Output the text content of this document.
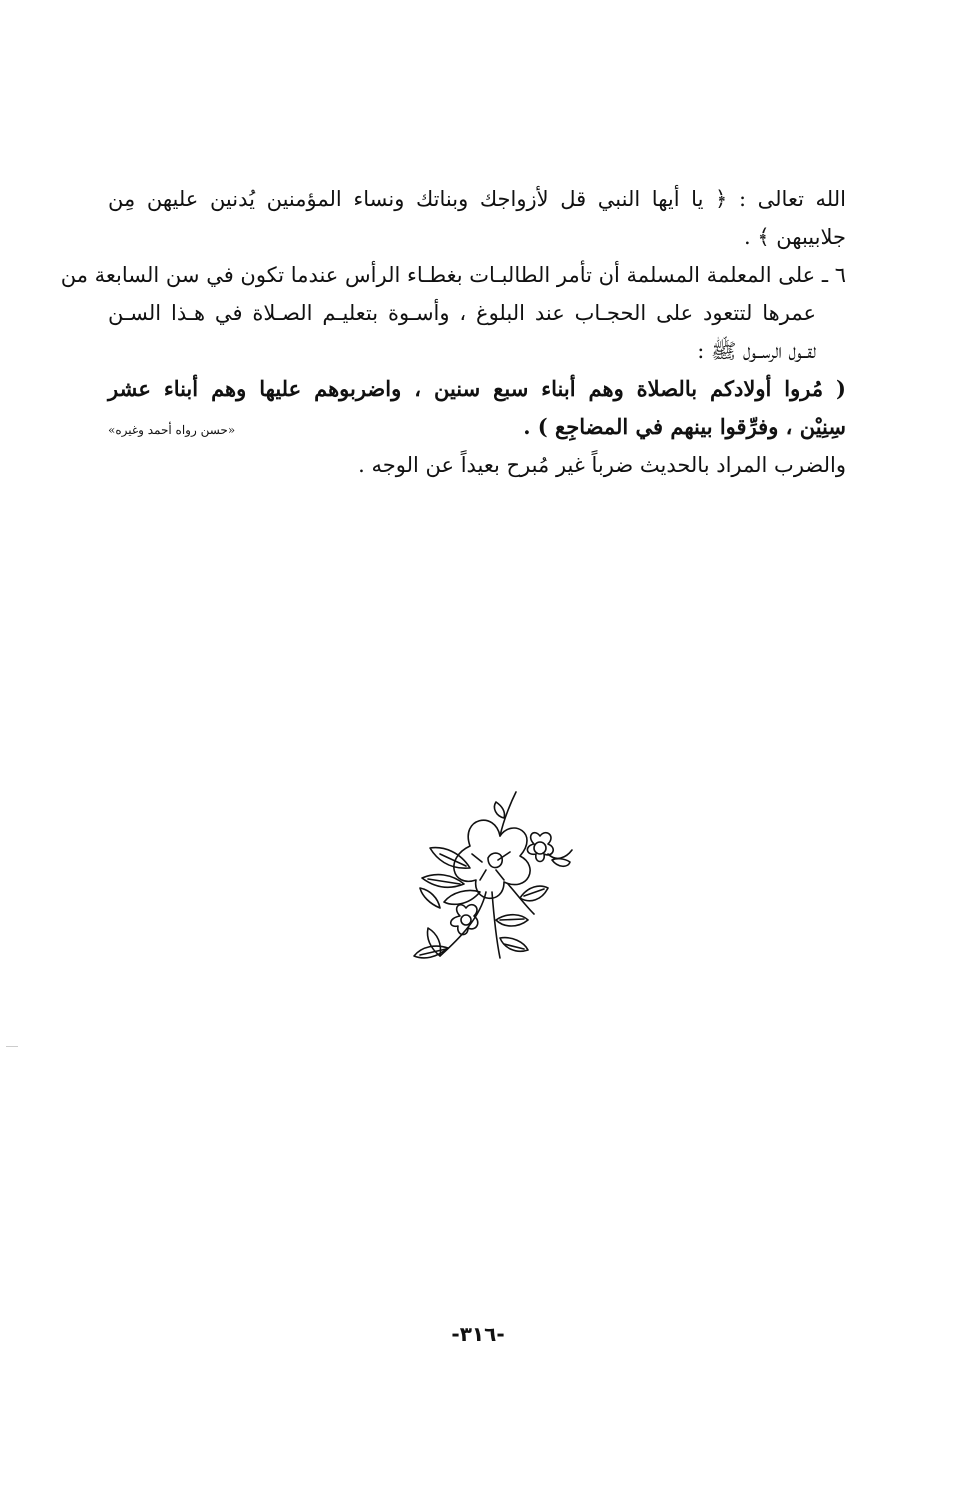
الله تعالى : ﴿ يا أيها النبي قل لأزواجك وبناتك ونساء المؤمنين يُدنين عليهن مِن
جلابيبهن ﴾ .
٦ ـ على المعلمة المسلمة أن تأمر الطالبـات بغطـاء الرأس عندما تكون في سن السابعة من
عمرها لتتعود على الحجـاب عند البلوغ ، وأسـوة بتعليـم الصـلاة في هـذا السـن
لقــول الرســول ﷺ :
( مُروا أولادكم بالصلاة وهم أبناء سبع سنين ، واضربوهم عليها وهم أبناء عشر
سِنِيْن ، وفرِّقوا بينهم في المضاجِع ) .
«حسن رواه أحمد وغيره»
والضرب المراد بالحديث ضرباً غير مُبرح بعيداً عن الوجه .
-٣١٦-
